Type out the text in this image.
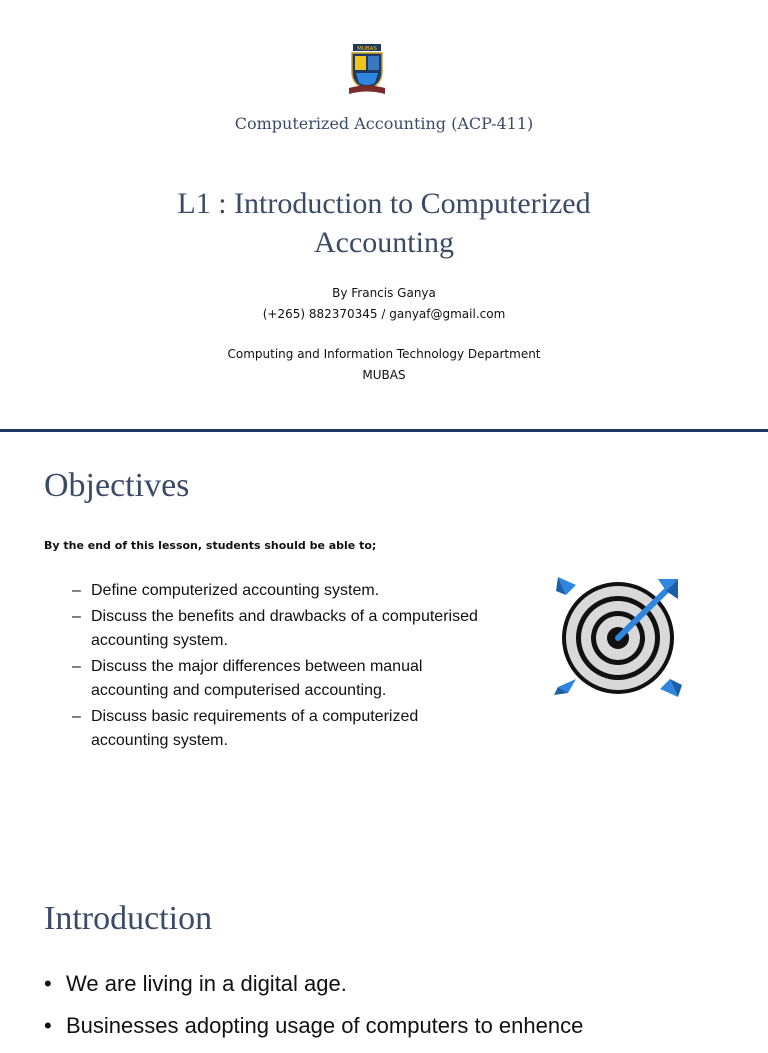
MUBAS
Computerized Accounting (ACP-411)
L1 : Introduction to Computerized
Accounting
By Francis Ganya
(+265) 882370345 / ganyaf@gmail.com
Computing and Information Technology Department
MUBAS
Objectives
By the end of this lesson, students should be able to;
– Define computerized accounting system.
– Discuss the benefits and drawbacks of a computerised accounting system.
– Discuss the major differences between manual accounting and computerised accounting.
– Discuss basic requirements of a computerized accounting system.
Introduction
• We are living in a digital age.
• Businesses adopting usage of computers to enhence
